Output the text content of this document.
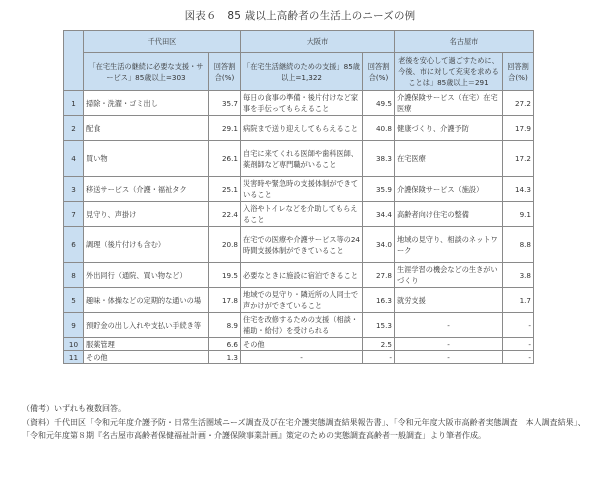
図表６　85 歳以上高齢者の生活上のニーズの例
	千代田区		大阪市		名古屋市	
	「在宅生活の継続に必要な支援・サービス」85歳以上=303	回答割合(%)	「在宅生活継続のための支援」85歳以上=1,322	回答割合(%)	老後を安心して過ごすために、今後、市に対して充実を求めることは」85歳以上＝291	回答割合(%)
1	掃除・洗濯・ゴミ出し	35.7	毎日の食事の準備・後片付けなど家事を手伝ってもらえること	49.5	介護保険サービス（在宅）在宅医療	27.2
2	配食	29.1	病院まで送り迎えしてもらえること	40.8	健康づくり、介護予防	17.9
4	買い物	26.1	自宅に来てくれる医師や歯科医師、薬剤師など専門職がいること	38.3	在宅医療	17.2
3	移送サービス（介護・福祉タク	25.1	災害時や緊急時の支援体制ができていること	35.9	介護保険サービス（施設）	14.3
7	見守り、声掛け	22.4	入浴やトイレなどを介助してもらえること	34.4	高齢者向け住宅の整備	9.1
6	調理（後片付けも含む）	20.8	在宅での医療や介護サービス等の24時間支援体制ができていること	34.0	地域の見守り、相談のネットワーク	8.8
8	外出同行（通院、買い物など）	19.5	必要なときに施設に宿泊できること	27.8	生涯学習の機会などの生きがいづくり	3.8
5	趣味・体操などの定期的な通いの場	17.8	地域での見守り・隣近所の人同士で声かけができていること	16.3	就労支援	1.7
9	預貯金の出し入れや支払い手続き等	8.9	住宅を改修するための支援（相談・補助・給付）を受けられる	15.3	-	-
10	服薬管理	6.6	その他	2.5	-	-
11	その他	1.3	-	-	-	-

（備考）いずれも複数回答。

（資料）千代田区「令和元年度介護予防・日常生活圏域ニーズ調査及び在宅介護実態調査結果報告書」、「令和元年度大阪市高齢者実態調査　本人調査結果」、「令和元年度第８期『名古屋市高齢者保健福祉計画・介護保険事業計画』策定のための実態調査高齢者一般調査」より筆者作成。
